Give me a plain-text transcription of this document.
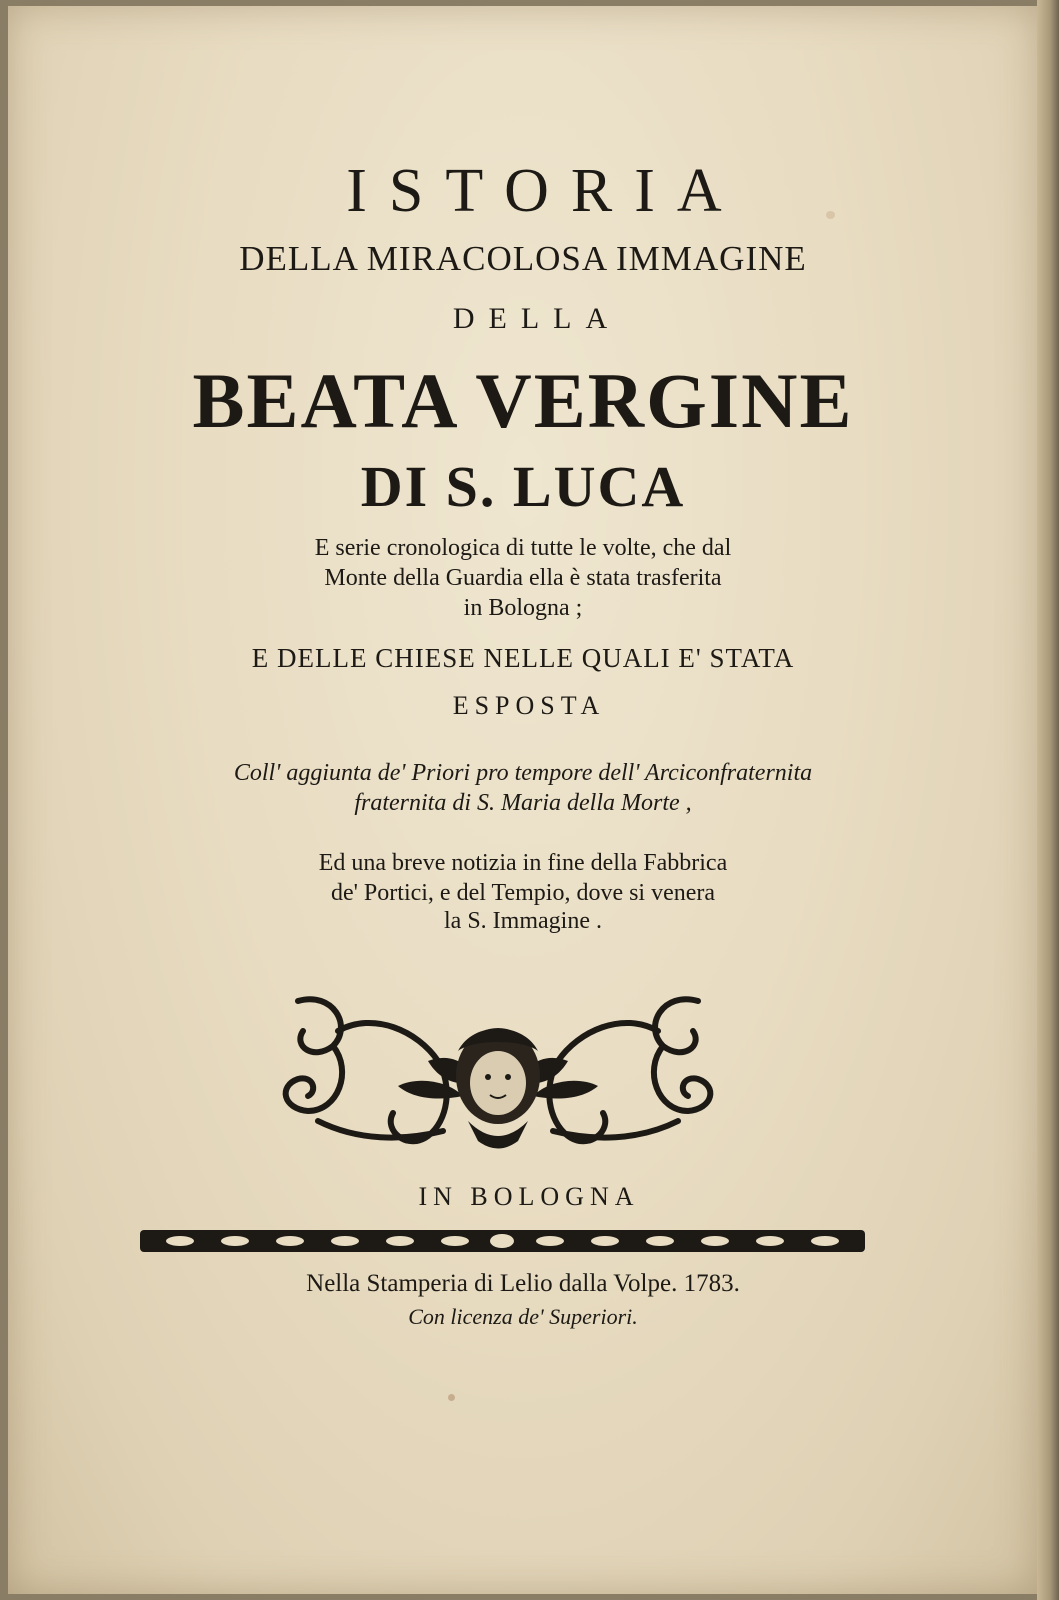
ISTORIA
DELLA MIRACOLOSA IMMAGINE
DELLA
BEATA VERGINE
DI S. LUCA
E serie cronologica di tutte le volte, che dal
Monte della Guardia ella è stata trasferita
in Bologna ;
E DELLE CHIESE NELLE QUALI E' STATA
ESPOSTA
Coll' aggiunta de' Priori pro tempore dell' Arciconfraternita
fraternita di S. Maria della Morte ,
Ed una breve notizia in fine della Fabbrica
de' Portici, e del Tempio, dove si venera
la S. Immagine .
IN BOLOGNA
Nella Stamperia di Lelio dalla Volpe. 1783.
Con licenza de' Superiori.
